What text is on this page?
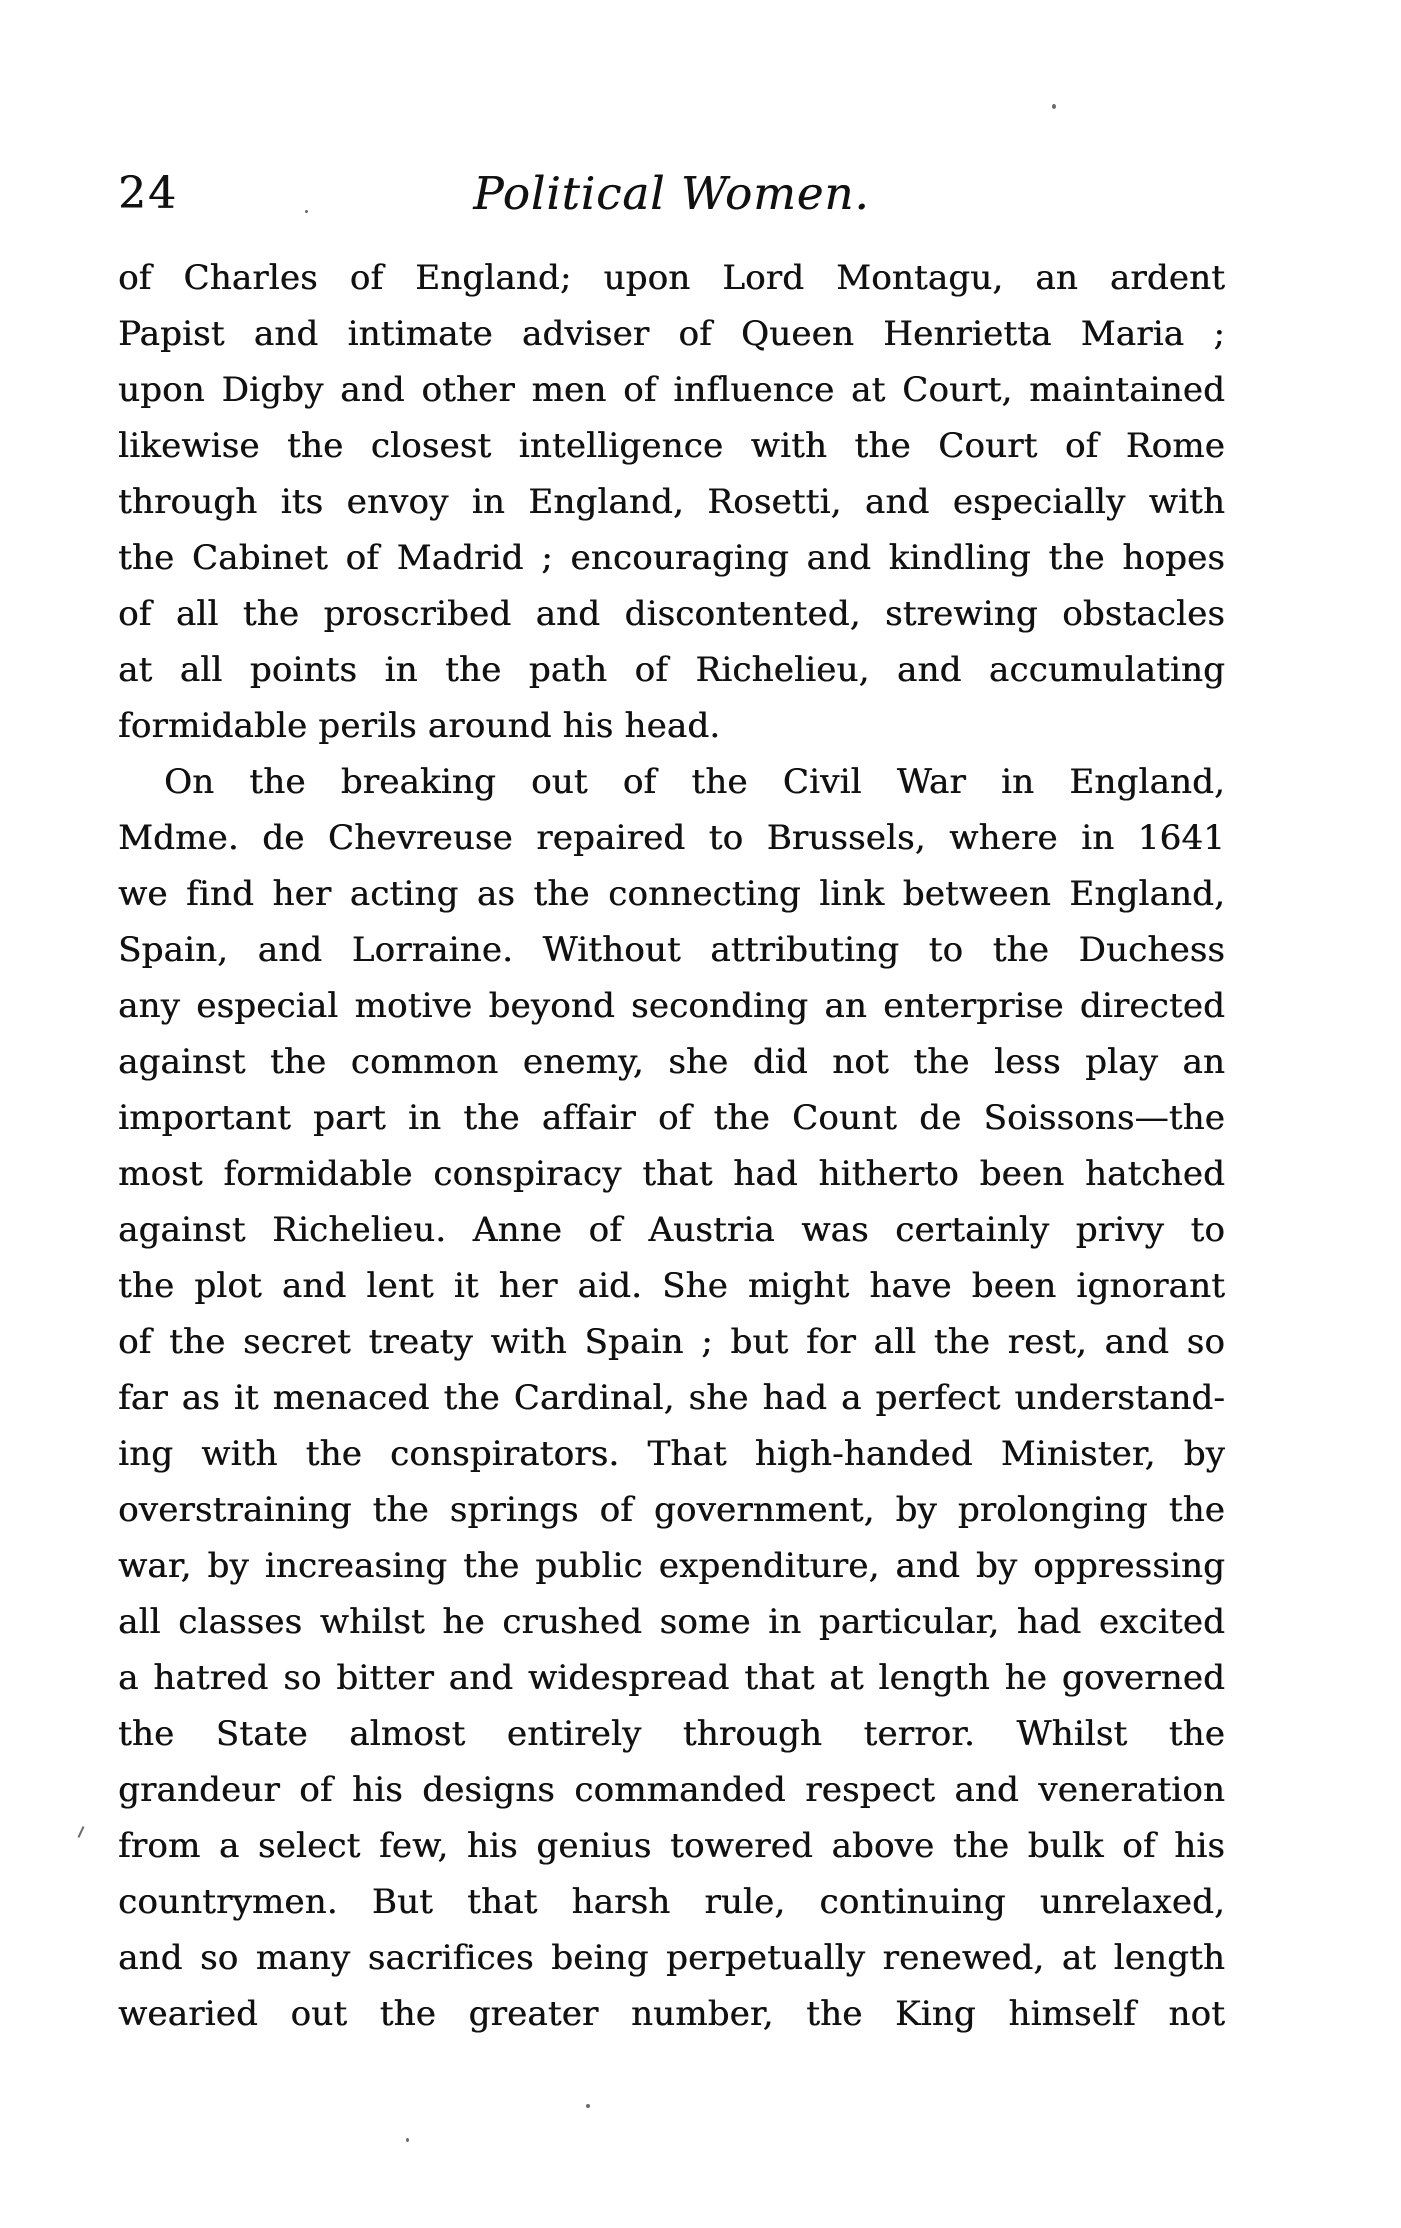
24	Political Women.
of Charles of England; upon Lord Montagu, an ardent
Papist and intimate adviser of Queen Henrietta Maria ;
upon Digby and other men of influence at Court, maintained
likewise the closest intelligence with the Court of Rome
through its envoy in England, Rosetti, and especially with
the Cabinet of Madrid ; encouraging and kindling the hopes
of all the proscribed and discontented, strewing obstacles
at all points in the path of Richelieu, and accumulating
formidable perils around his head.
On the breaking out of the Civil War in England,
Mdme. de Chevreuse repaired to Brussels, where in 1641
we find her acting as the connecting link between England,
Spain, and Lorraine. Without attributing to the Duchess
any especial motive beyond seconding an enterprise directed
against the common enemy, she did not the less play an
important part in the affair of the Count de Soissons—the
most formidable conspiracy that had hitherto been hatched
against Richelieu. Anne of Austria was certainly privy to
the plot and lent it her aid. She might have been ignorant
of the secret treaty with Spain ; but for all the rest, and so
far as it menaced the Cardinal, she had a perfect understand-
ing with the conspirators. That high-handed Minister, by
overstraining the springs of government, by prolonging the
war, by increasing the public expenditure, and by oppressing
all classes whilst he crushed some in particular, had excited
a hatred so bitter and widespread that at length he governed
the State almost entirely through terror. Whilst the
grandeur of his designs commanded respect and veneration
from a select few, his genius towered above the bulk of his
countrymen. But that harsh rule, continuing unrelaxed,
and so many sacrifices being perpetually renewed, at length
wearied out the greater number, the King himself not
